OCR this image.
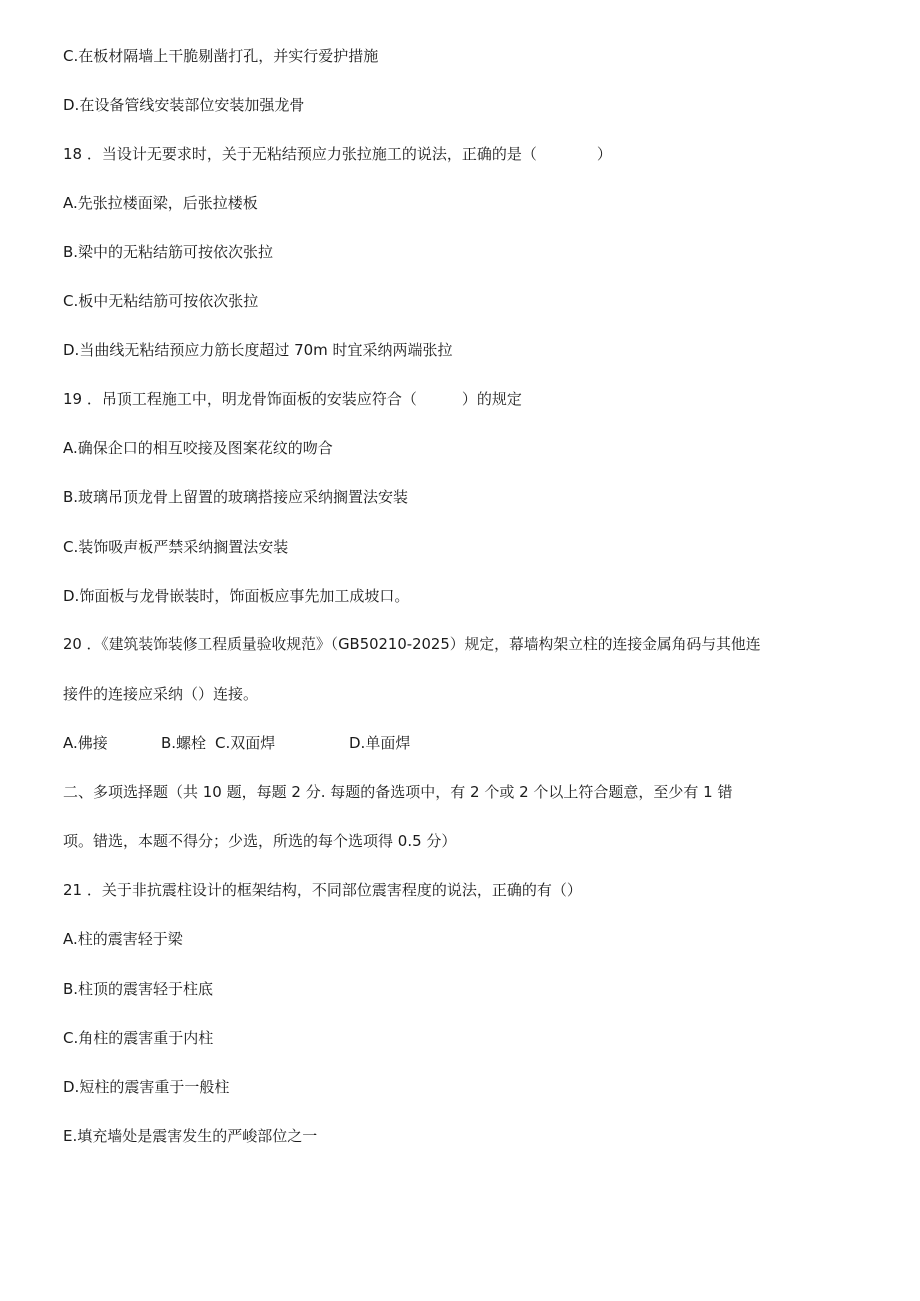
C.在板材隔墙上干脆剔凿打孔，并实行爱护措施
D.在设备管线安装部位安装加强龙骨
18 ．当设计无要求时，关于无粘结预应力张拉施工的说法，正确的是（　　　　）
A.先张拉楼面梁，后张拉楼板
B.梁中的无粘结筋可按依次张拉
C.板中无粘结筋可按依次张拉
D.当曲线无粘结预应力筋长度超过 70m 时宜采纳两端张拉
19 ．吊顶工程施工中，明龙骨饰面板的安装应符合（　　　）的规定
A.确保企口的相互咬接及图案花纹的吻合
B.玻璃吊顶龙骨上留置的玻璃搭接应采纳搁置法安装
C.装饰吸声板严禁采纳搁置法安装
D.饰面板与龙骨嵌装时，饰面板应事先加工成坡口。
20 ．《建筑装饰装修工程质量验收规范》（GB50210-2025）规定，幕墙构架立柱的连接金属角码与其他连
接件的连接应采纳（）连接。
A.佛接	B.螺栓 C.双面焊	D.单面焊
二、多项选择题（共 10 题，每题 2 分. 每题的备选项中，有 2 个或 2 个以上符合题意，至少有 1 错
项。错选，本题不得分；少选，所选的每个选项得 0.5 分）
21 ．关于非抗震柱设计的框架结构，不同部位震害程度的说法，正确的有（）
A.柱的震害轻于梁
B.柱顶的震害轻于柱底
C.角柱的震害重于内柱
D.短柱的震害重于一般柱
E.填充墙处是震害发生的严峻部位之一
